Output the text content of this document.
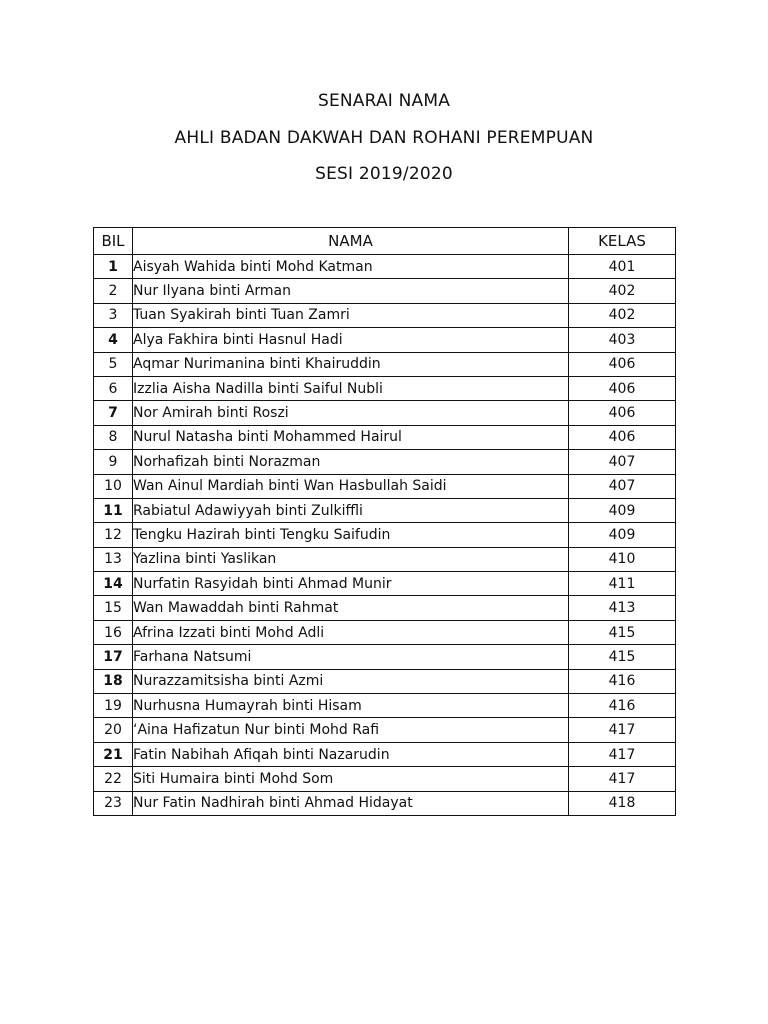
SENARAI NAMA
AHLI BADAN DAKWAH DAN ROHANI PEREMPUAN
SESI 2019/2020
BIL	NAMA	KELAS
1	Aisyah Wahida binti Mohd Katman	401
2	Nur Ilyana binti Arman	402
3	Tuan Syakirah binti Tuan Zamri	402
4	Alya Fakhira binti Hasnul Hadi	403
5	Aqmar Nurimanina binti Khairuddin	406
6	Izzlia Aisha Nadilla binti Saiful Nubli	406
7	Nor Amirah binti Roszi	406
8	Nurul Natasha binti Mohammed Hairul	406
9	Norhafizah binti Norazman	407
10	Wan Ainul Mardiah binti Wan Hasbullah Saidi	407
11	Rabiatul Adawiyyah binti Zulkiffli	409
12	Tengku Hazirah binti Tengku Saifudin	409
13	Yazlina binti Yaslikan	410
14	Nurfatin Rasyidah binti Ahmad Munir	411
15	Wan Mawaddah binti Rahmat	413
16	Afrina Izzati binti Mohd Adli	415
17	Farhana Natsumi	415
18	Nurazzamitsisha binti Azmi	416
19	Nurhusna Humayrah binti Hisam	416
20	‘Aina Hafizatun Nur binti Mohd Rafi	417
21	Fatin Nabihah Afiqah binti Nazarudin	417
22	Siti Humaira binti Mohd Som	417
23	Nur Fatin Nadhirah binti Ahmad Hidayat	418
